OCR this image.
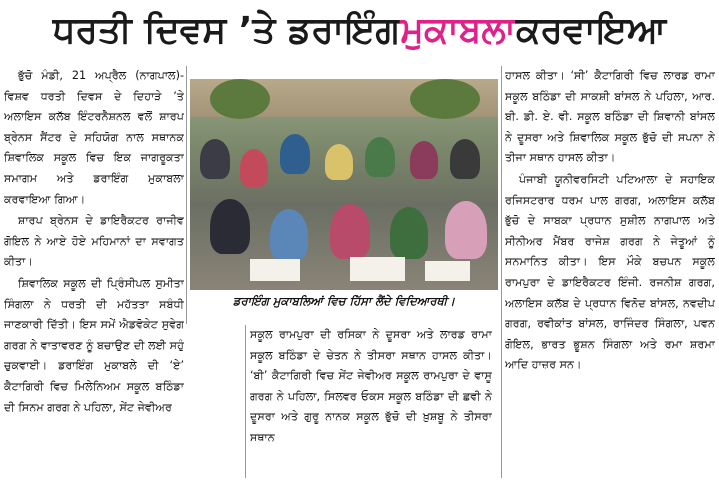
ਧਰਤੀ ਦਿਵਸ ’ਤੇ ਡਰਾਇੰਗ ਮੁਕਾਬਲਾ ਕਰਵਾਇਆ

ਭੁੱਚੋ ਮੰਡੀ, 21 ਅਪ੍ਰੈਲ (ਨਾਗਪਾਲ)-ਵਿਸ਼ਵ ਧਰਤੀ ਦਿਵਸ ਦੇ ਦਿਹਾੜੇ ’ਤੇ ਅਲਾਇਸ ਕਲੱਬ ਇੰਟਰਨੈਸ਼ਨਲ ਵਲੋਂ ਸ਼ਾਰਪ ਬ੍ਰੇਨਸ ਸੈਂਟਰ ਦੇ ਸਹਿਯੋਗ ਨਾਲ ਸਥਾਨਕ ਸ਼ਿਵਾਲਿਕ ਸਕੂਲ ਵਿਚ ਇਕ ਜਾਗਰੂਕਤਾ ਸਮਾਗਮ ਅਤੇ ਡਰਾਇੰਗ ਮੁਕਾਬਲਾ ਕਰਵਾਇਆ ਗਿਆ।

ਸ਼ਾਰਪ ਬ੍ਰੇਨਸ ਦੇ ਡਾਇਰੈਕਟਰ ਰਾਜੀਵ ਗੋਇਲ ਨੇ ਆਏ ਹੋਏ ਮਹਿਮਾਨਾਂ ਦਾ ਸਵਾਗਤ ਕੀਤਾ।

ਸ਼ਿਵਾਲਿਕ ਸਕੂਲ ਦੀ ਪ੍ਰਿੰਸੀਪਲ ਸੁਮੀਤਾ ਸਿੰਗਲਾ ਨੇ ਧਰਤੀ ਦੀ ਮਹੱਤਤਾ ਸਬੰਧੀ ਜਾਣਕਾਰੀ ਦਿੱਤੀ। ਇਸ ਸਮੇਂ ਐਡਵੋਕੇਟ ਸੁਵੇਗ ਗਰਗ ਨੇ ਵਾਤਾਵਰਣ ਨੂੰ ਬਚਾਉਣ ਦੀ ਲਈ ਸਹੁੰ ਚੁਕਵਾਈ। ਡਰਾਇੰਗ ਮੁਕਾਬਲੇ ਦੀ ‘ਏ’ ਕੈਟਾਗਿਰੀ ਵਿਚ ਮਿਲੇਨਿਅਮ ਸਕੂਲ ਬਠਿੰਡਾ ਦੀ ਸਿਨਮ ਗਰਗ ਨੇ ਪਹਿਲਾ, ਸੇਂਟ ਜੇਵੀਅਰ

ਡਰਾਇੰਗ ਮੁਕਾਬਲਿਆਂ ਵਿਚ ਹਿੱਸਾ ਲੈਂਦੇ ਵਿਦਿਆਰਥੀ।

ਸਕੂਲ ਰਾਮਪੁਰਾ ਦੀ ਰਸਿਕਾ ਨੇ ਦੂਸਰਾ ਅਤੇ ਲਾਰਡ ਰਾਮਾ ਸਕੂਲ ਬਠਿੰਡਾ ਦੇ ਚੇਤਨ ਨੇ ਤੀਸਰਾ ਸਥਾਨ ਹਾਸਲ ਕੀਤਾ। ‘ਬੀ’ ਕੈਟਾਗਿਰੀ ਵਿਚ ਸੇਂਟ ਜੇਵੀਅਰ ਸਕੂਲ ਰਾਮਪੁਰਾ ਦੇ ਵਾਸੂ ਗਰਗ ਨੇ ਪਹਿਲਾ, ਸਿਲਵਰ ਓਕਸ ਸਕੂਲ ਬਠਿੰਡਾ ਦੀ ਛਵੀ ਨੇ ਦੂਸਰਾ ਅਤੇ ਗੁਰੂ ਨਾਨਕ ਸਕੂਲ ਭੁੱਚੋ ਦੀ ਖ਼ੁਸ਼ਬੂ ਨੇ ਤੀਸਰਾ ਸਥਾਨ

ਹਾਸਲ ਕੀਤਾ। ‘ਸੀ’ ਕੈਟਾਗਿਰੀ ਵਿਚ ਲਾਰਡ ਰਾਮਾ ਸਕੂਲ ਬਠਿੰਡਾ ਦੀ ਸਾਕਸ਼ੀ ਬਾਂਸਲ ਨੇ ਪਹਿਲਾ, ਆਰ. ਬੀ. ਡੀ. ਏ. ਵੀ. ਸਕੂਲ ਬਠਿੰਡਾ ਦੀ ਸ਼ਿਵਾਨੀ ਬਾਂਸਲ ਨੇ ਦੂਸਰਾ ਅਤੇ ਸ਼ਿਵਾਲਿਕ ਸਕੂਲ ਭੁੱਚੋ ਦੀ ਸਪਨਾ ਨੇ ਤੀਜਾ ਸਥਾਨ ਹਾਸਲ ਕੀਤਾ।

ਪੰਜਾਬੀ ਯੂਨੀਵਰਸਿਟੀ ਪਟਿਆਲਾ ਦੇ ਸਹਾਇਕ ਰਜਿਸਟਰਾਰ ਧਰਮ ਪਾਲ ਗਰਗ, ਅਲਾਇਸ ਕਲੱਬ ਭੁੱਚੋ ਦੇ ਸਾਬਕਾ ਪ੍ਰਧਾਨ ਸੁਸ਼ੀਲ ਨਾਗਪਾਲ ਅਤੇ ਸੀਨੀਅਰ ਮੈਂਬਰ ਰਾਜੇਸ਼ ਗਰਗ ਨੇ ਜੇਤੂਆਂ ਨੂੰ ਸਨਮਾਨਿਤ ਕੀਤਾ। ਇਸ ਮੌਕੇ ਬਚਪਨ ਸਕੂਲ ਰਾਮਪੁਰਾ ਦੇ ਡਾਇਰੈਕਟਰ ਇੰਜੀ. ਰਜਨੀਸ਼ ਗਰਗ, ਅਲਾਇਸ ਕਲੱਬ ਦੇ ਪ੍ਰਧਾਨ ਵਿਨੋਦ ਬਾਂਸਲ, ਨਵਦੀਪ ਗਰਗ, ਰਵੀਕਾਂਤ ਬਾਂਸਲ, ਰਾਜਿੰਦਰ ਸਿੰਗਲਾ, ਪਵਨ ਗੋਇਲ, ਭਾਰਤ ਭੂਸ਼ਨ ਸਿੰਗਲਾ ਅਤੇ ਰਮਾ ਸ਼ਰਮਾ ਆਦਿ ਹਾਜ਼ਰ ਸਨ।
